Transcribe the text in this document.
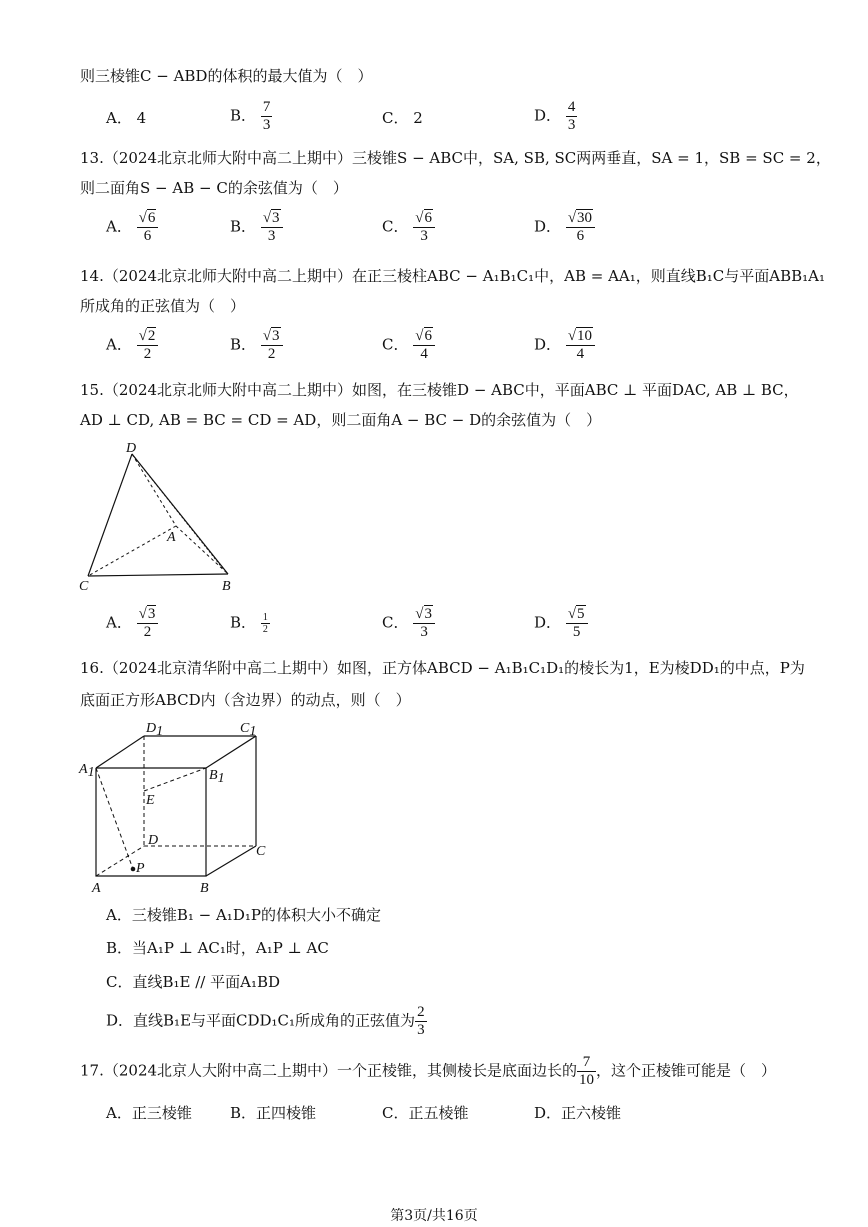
则三棱锥C − ABD的体积的最大值为（　）
A． 4	B． $\frac{7}{3}$	C． 2	D． $\frac{4}{3}$
13.（2024北京北师大附中高二上期中）三棱锥S − ABC中，SA, SB, SC两两垂直，SA = 1，SB = SC = 2，
则二面角S − AB − C的余弦值为（　）
A． $\frac{√6}{6}$	B． $\frac{√3}{3}$	C． $\frac{√6}{3}$	D． $\frac{√30}{6}$
14.（2024北京北师大附中高二上期中）在正三棱柱ABC − A₁B₁C₁中，AB = AA₁，则直线B₁C与平面ABB₁A₁
所成角的正弦值为（　）
A． $\frac{√2}{2}$	B． $\frac{√3}{2}$	C． $\frac{√6}{4}$	D． $\frac{√10}{4}$
15.（2024北京北师大附中高二上期中）如图，在三棱锥D − ABC中，平面ABC ⊥ 平面DAC, AB ⊥ BC，
AD ⊥ CD, AB = BC = CD = AD，则二面角A − BC − D的余弦值为（　）
D
A
C	B
A． $\frac{√3}{2}$	B． $\frac{1}{2}$	C． $\frac{√3}{3}$	D． $\frac{√5}{5}$
16.（2024北京清华附中高二上期中）如图，正方体ABCD − A₁B₁C₁D₁的棱长为1，E为棱DD₁的中点，P为
底面正方形ABCD内（含边界）的动点，则（　）
D1	C1
A1	B1
E
D
C
P
A	B
A．三棱锥B₁ − A₁D₁P的体积大小不确定
B．当A₁P ⊥ AC₁时，A₁P ⊥ AC
C．直线B₁E // 平面A₁BD
D．直线B₁E与平面CDD₁C₁所成角的正弦值为 $\frac{2}{3}$
17.（2024北京人大附中高二上期中）一个正棱锥，其侧棱长是底面边长的 $\frac{7}{10}$ ，这个正棱锥可能是（　）
A．正三棱锥	B．正四棱锥	C．正五棱锥	D．正六棱锥
第3页/共16页
